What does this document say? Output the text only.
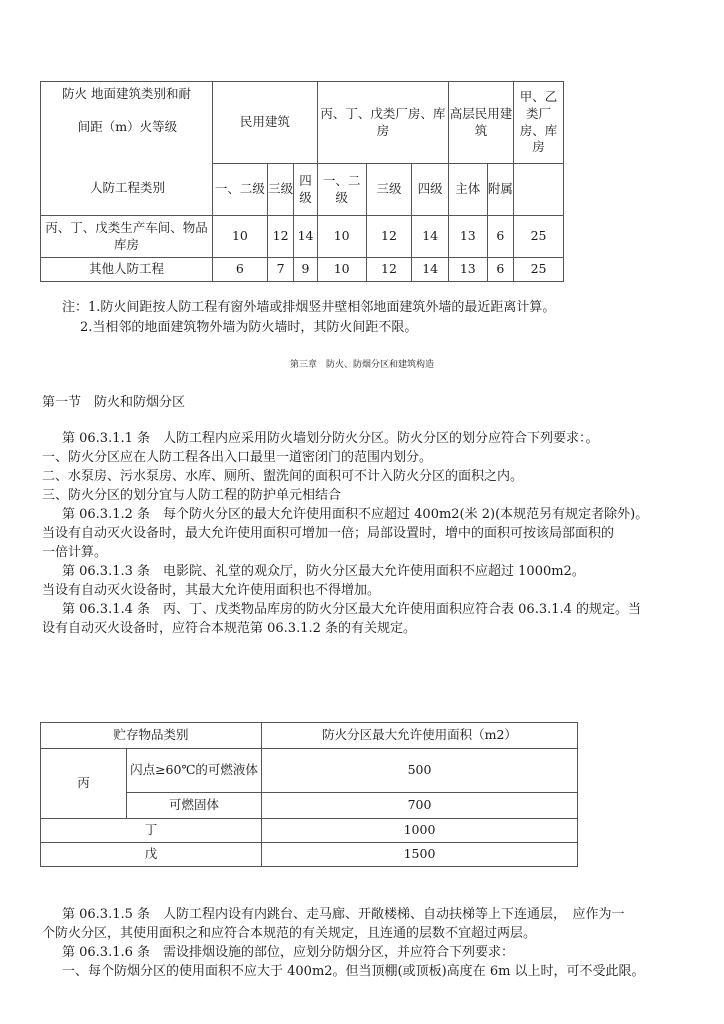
防火 地面建筑类别和耐
间距（m）火等级
人防工程类别	民用建筑			丙、丁、戊类厂房、库房			高层民用建筑		甲、乙类厂房、库房
	一、二级	三级	四级	一、二级	三级	四级	主体	附属	
丙、丁、戊类生产车间、物品库房	10	12	14	10	12	14	13	6	25
其他人防工程	6	7	9	10	12	14	13	6	25

注：1.防火间距按人防工程有窗外墙或排烟竖井壁相邻地面建筑外墙的最近距离计算。

2.当相邻的地面建筑物外墙为防火墙时，其防火间距不限。

第三章　防火、防烟分区和建筑构造

第一节　防火和防烟分区

第 06.3.1.1 条　人防工程内应采用防火墙划分防火分区。防火分区的划分应符合下列要求：。

一、防火分区应在人防工程各出入口最里一道密闭门的范围内划分。

二、水泵房、污水泵房、水库、厕所、盥洗间的面积可不计入防火分区的面积之内。

三、防火分区的划分宜与人防工程的防护单元相结合

第 06.3.1.2 条　每个防火分区的最大允许使用面积不应超过 400m2(米 2)(本规范另有规定者除外)。

当设有自动灭火设备时，最大允许使用面积可增加一倍；局部设置时，增中的面积可按该局部面积的

一倍计算。

第 06.3.1.3 条　电影院、礼堂的观众厅，防火分区最大允许使用面积不应超过 1000m2。

当设有自动灭火设备时，其最大允许使用面积也不得增加。

第 06.3.1.4 条　丙、丁、戊类物品库房的防火分区最大允许使用面积应符合表 06.3.1.4 的规定。当

设有自动灭火设备时，应符合本规范第 06.3.1.2 条的有关规定。

贮存物品类别		防火分区最大允许使用面积（m2）
丙	闪点≥60℃的可燃液体	500
	可燃固体	700
丁		1000
戊		1500

第 06.3.1.5 条　人防工程内设有内跳台、走马廊、开敞楼梯、自动扶梯等上下连通层，　应作为一

个防火分区，其使用面积之和应符合本规范的有关规定，且连通的层数不宜超过两层。

第 06.3.1.6 条　需设排烟设施的部位，应划分防烟分区，并应符合下列要求：

一、每个防烟分区的使用面积不应大于 400m2。但当顶棚(或顶板)高度在 6m 以上时，可不受此限。
